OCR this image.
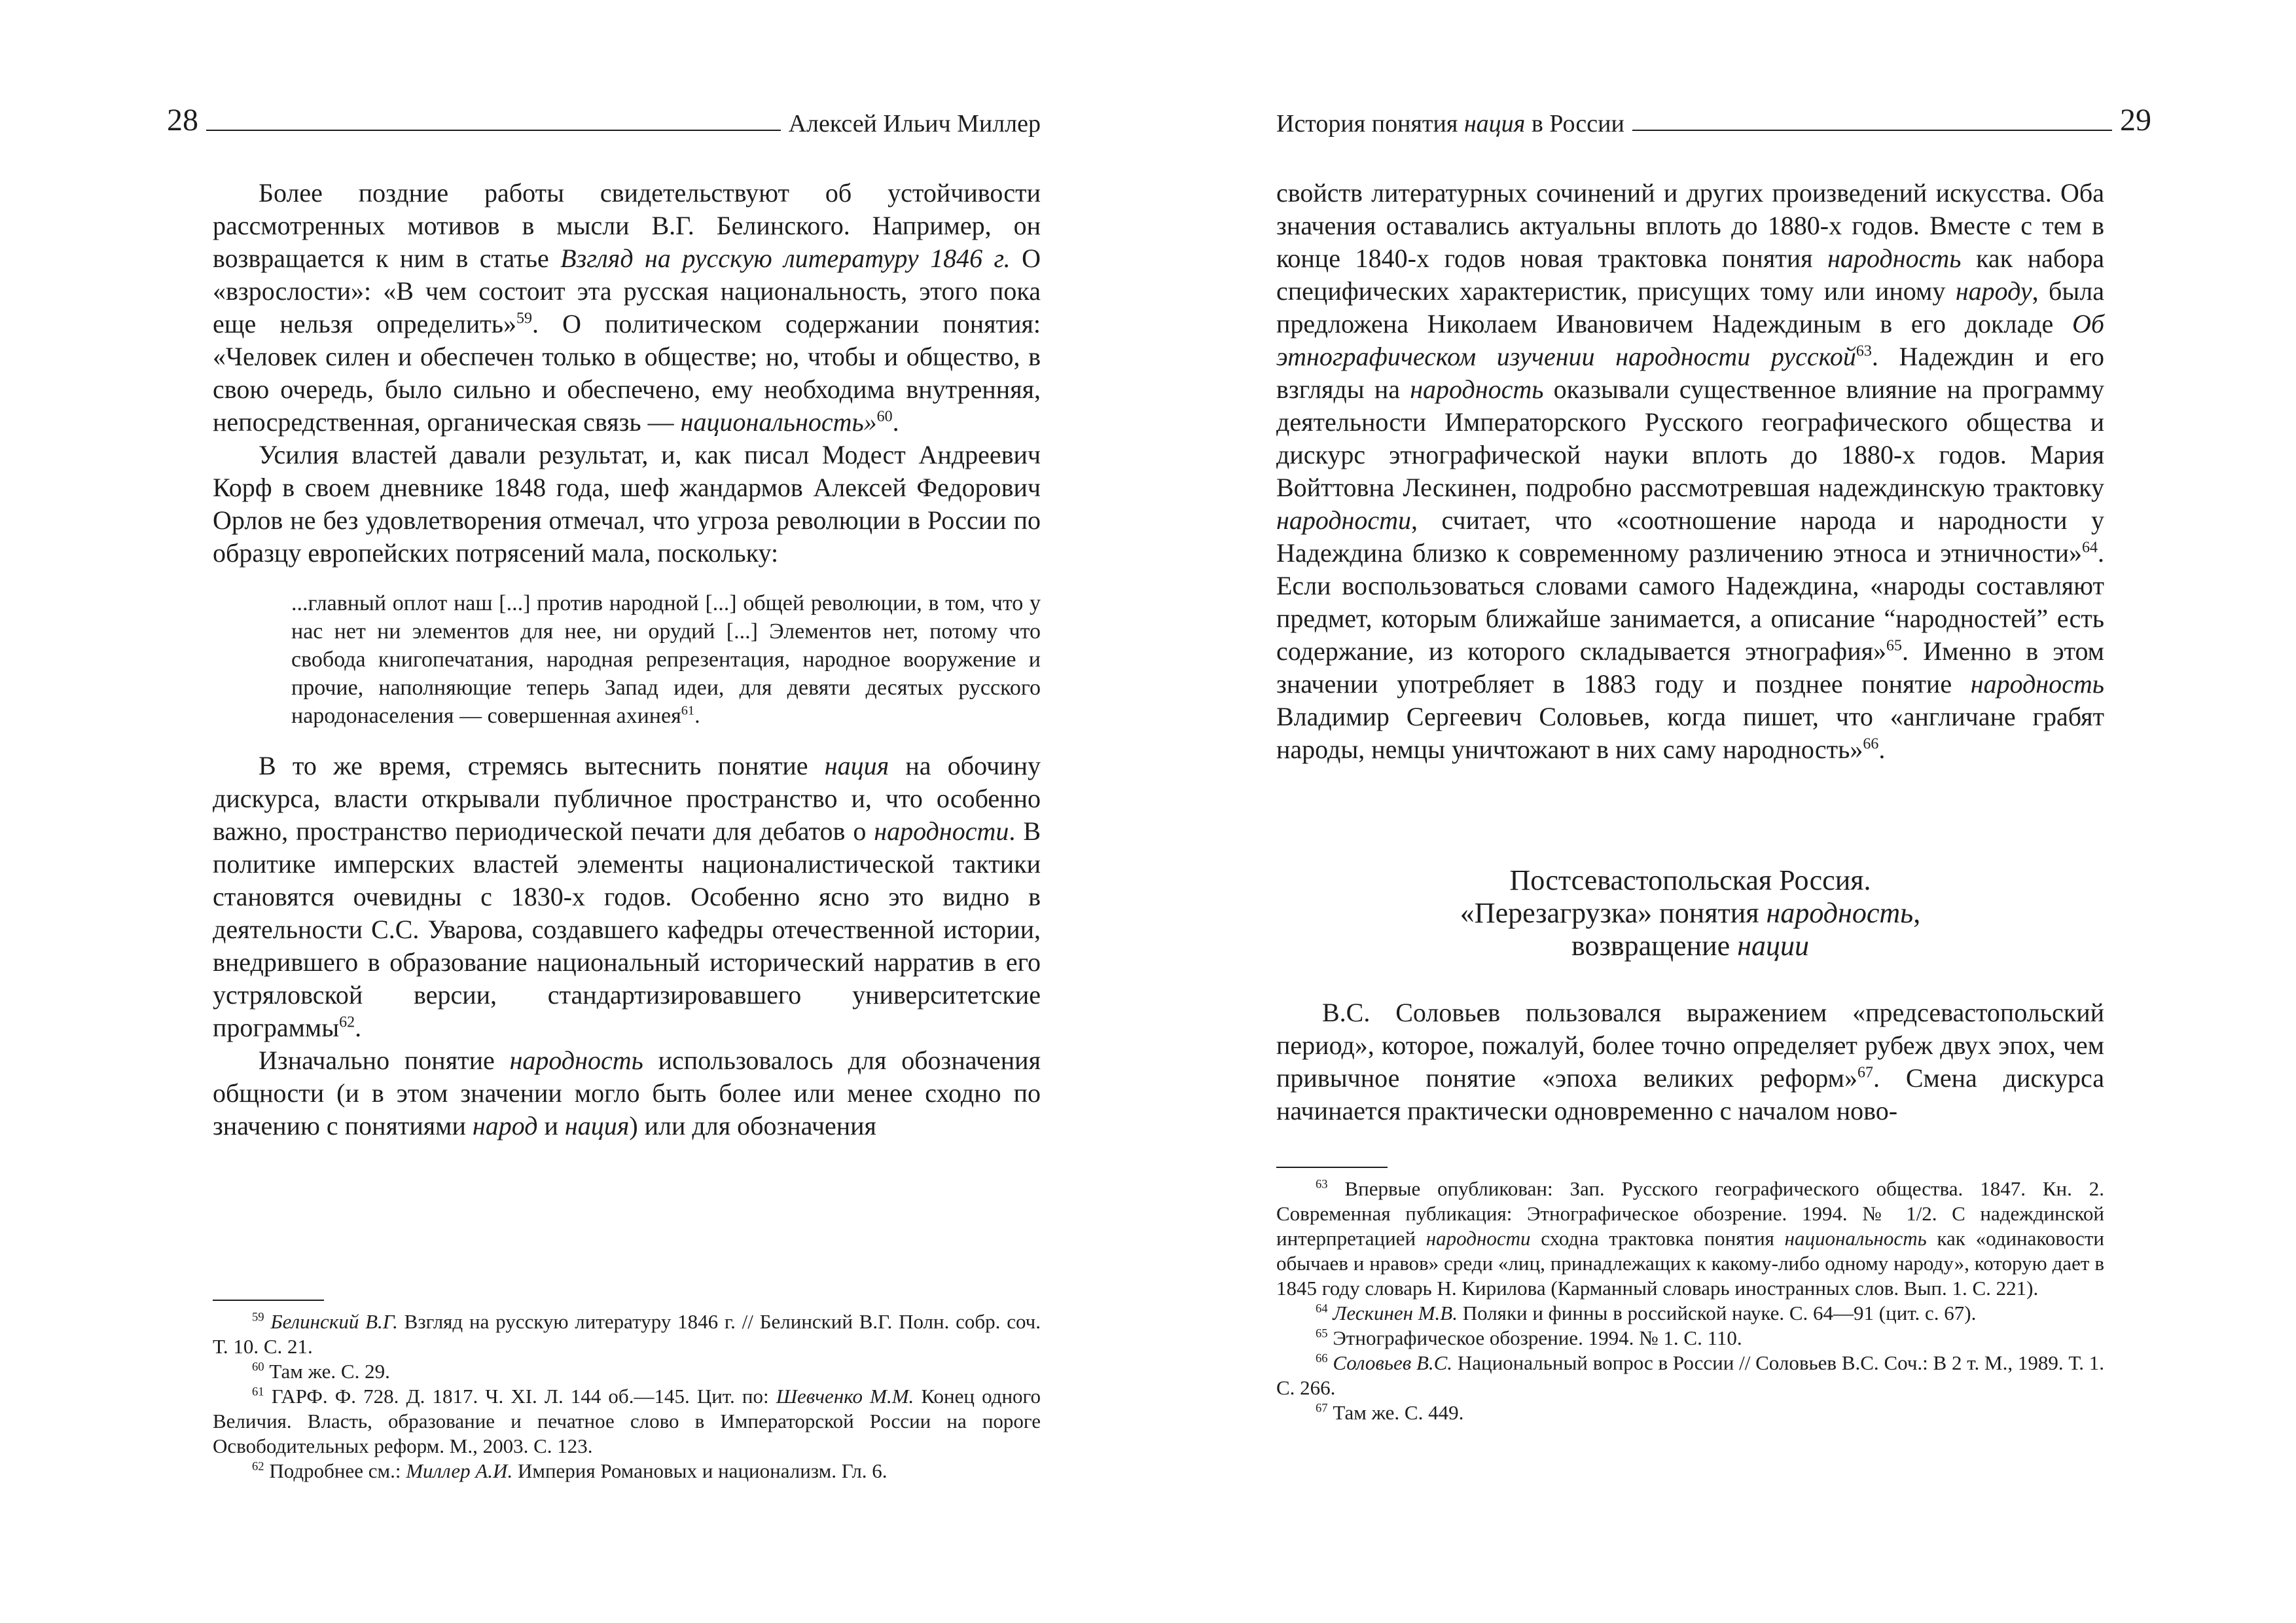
28	Алексей Ильич Миллер

Более поздние работы свидетельствуют об устойчивости рассмотренных мотивов в мысли В.Г. Белинского. Например, он возвращается к ним в статье Взгляд на русскую литературу 1846 г. О «взрослости»: «В чем состоит эта русская национальность, этого пока еще нельзя определить»$^{59}$. О политическом содержании понятия: «Человек силен и обеспечен только в обществе; но, чтобы и общество, в свою очередь, было сильно и обеспечено, ему необходима внутренняя, непосредственная, органическая связь — национальность»$^{60}$.

Усилия властей давали результат, и, как писал Модест Андреевич Корф в своем дневнике 1848 года, шеф жандармов Алексей Федорович Орлов не без удовлетворения отмечал, что угроза революции в России по образцу европейских потрясений мала, поскольку:

...главный оплот наш [...] против народной [...] общей революции, в том, что у нас нет ни элементов для нее, ни орудий [...] Элементов нет, потому что свобода книгопечатания, народная репрезентация, народное вооружение и прочие, наполняющие теперь Запад идеи, для девяти десятых русского народонаселения — совершенная ахинея$^{61}$.

В то же время, стремясь вытеснить понятие нация на обочину дискурса, власти открывали публичное пространство и, что особенно важно, пространство периодической печати для дебатов о народности. В политике имперских властей элементы националистической тактики становятся очевидны с 1830-х годов. Особенно ясно это видно в деятельности С.С. Уварова, создавшего кафедры отечественной истории, внедрившего в образование национальный исторический нарратив в его устряловской версии, стандартизировавшего университетские программы$^{62}$.

Изначально понятие народность использовалось для обозначения общности (и в этом значении могло быть более или менее сходно по значению с понятиями народ и нация) или для обозначения

$^{59}$ Белинский В.Г. Взгляд на русскую литературу 1846 г. // Белинский В.Г. Полн. собр. соч. Т. 10. С. 21.

$^{60}$ Там же. С. 29.

$^{61}$ ГАРФ. Ф. 728. Д. 1817. Ч. XI. Л. 144 об.—145. Цит. по: Шевченко М.М. Конец одного Величия. Власть, образование и печатное слово в Императорской России на пороге Освободительных реформ. М., 2003. С. 123.

$^{62}$ Подробнее см.: Миллер А.И. Империя Романовых и национализм. Гл. 6.

История понятия нация в России	29

свойств литературных сочинений и других произведений искусства. Оба значения оставались актуальны вплоть до 1880-х годов. Вместе с тем в конце 1840-х годов новая трактовка понятия народность как набора специфических характеристик, присущих тому или иному народу, была предложена Николаем Ивановичем Надеждиным в его докладе Об этнографическом изучении народности русской$^{63}$. Надеждин и его взгляды на народность оказывали существенное влияние на программу деятельности Императорского Русского географического общества и дискурс этнографической науки вплоть до 1880-х годов. Мария Войттовна Лескинен, подробно рассмотревшая надеждинскую трактовку народности, считает, что «соотношение народа и народности у Надеждина близко к современному различению этноса и этничности»$^{64}$. Если воспользоваться словами самого Надеждина, «народы составляют предмет, которым ближайше занимается, а описание “народностей” есть содержание, из которого складывается этнография»$^{65}$. Именно в этом значении употребляет в 1883 году и позднее понятие народность Владимир Сергеевич Соловьев, когда пишет, что «англичане грабят народы, немцы уничтожают в них саму народность»$^{66}$.

Постсевастопольская Россия.
«Перезагрузка» понятия народность,
возвращение нации

В.С. Соловьев пользовался выражением «предсевастопольский период», которое, пожалуй, более точно определяет рубеж двух эпох, чем привычное понятие «эпоха великих реформ»$^{67}$. Смена дискурса начинается практически одновременно с началом ново-

$^{63}$ Впервые опубликован: Зап. Русского географического общества. 1847. Кн. 2. Современная публикация: Этнографическое обозрение. 1994. № 1/2. С надеждинской интерпретацией народности сходна трактовка понятия национальность как «одинаковости обычаев и нравов» среди «лиц, принадлежащих к какому-либо одному народу», которую дает в 1845 году словарь Н. Кирилова (Карманный словарь иностранных слов. Вып. 1. С. 221).

$^{64}$ Лескинен М.В. Поляки и финны в российской науке. С. 64—91 (цит. с. 67).

$^{65}$ Этнографическое обозрение. 1994. № 1. С. 110.

$^{66}$ Соловьев В.С. Национальный вопрос в России // Соловьев В.С. Соч.: В 2 т. М., 1989. Т. 1. С. 266.

$^{67}$ Там же. С. 449.
